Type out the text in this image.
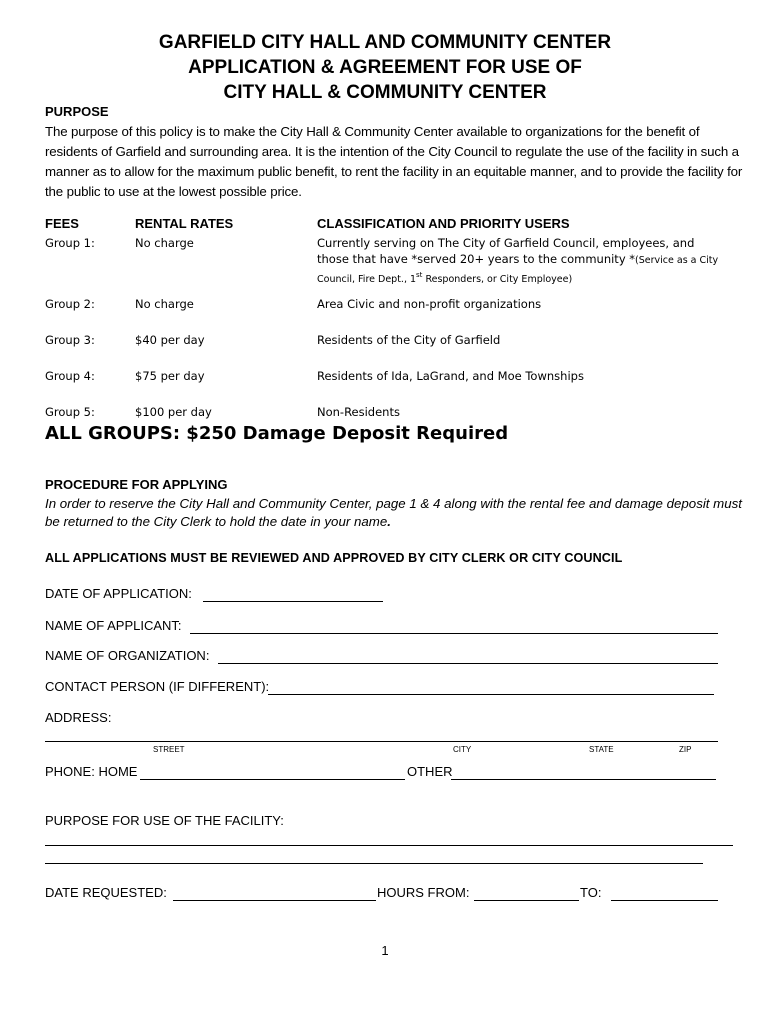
GARFIELD CITY HALL AND COMMUNITY CENTER
APPLICATION & AGREEMENT FOR USE OF
CITY HALL & COMMUNITY CENTER
PURPOSE
The purpose of this policy is to make the City Hall & Community Center available to organizations for the benefit of residents of Garfield and surrounding area. It is the intention of the City Council to regulate the use of the facility in such a manner as to allow for the maximum public benefit, to rent the facility in an equitable manner, and to provide the facility for the public to use at the lowest possible price.
FEES	RENTAL RATES	CLASSIFICATION AND PRIORITY USERS
Group 1:	No charge	Currently serving on The City of Garfield Council, employees, and those that have *served 20+ years to the community *(Service as a City Council, Fire Dept., 1st Responders, or City Employee)
Group 2:	No charge	Area Civic and non-profit organizations
Group 3:	$40 per day	Residents of the City of Garfield
Group 4:	$75 per day	Residents of Ida, LaGrand, and Moe Townships
Group 5:	$100 per day	Non-Residents
ALL GROUPS: $250 Damage Deposit Required
PROCEDURE FOR APPLYING
In order to reserve the City Hall and Community Center, page 1 & 4 along with the rental fee and damage deposit must be returned to the City Clerk to hold the date in your name.
ALL APPLICATIONS MUST BE REVIEWED AND APPROVED BY CITY CLERK OR CITY COUNCIL
DATE OF APPLICATION:
NAME OF APPLICANT:
NAME OF ORGANIZATION:
CONTACT PERSON (IF DIFFERENT):
ADDRESS:
STREET	CITY	STATE	ZIP
PHONE: HOME	OTHER
PURPOSE FOR USE OF THE FACILITY:
DATE REQUESTED:	HOURS FROM:	TO:
1
